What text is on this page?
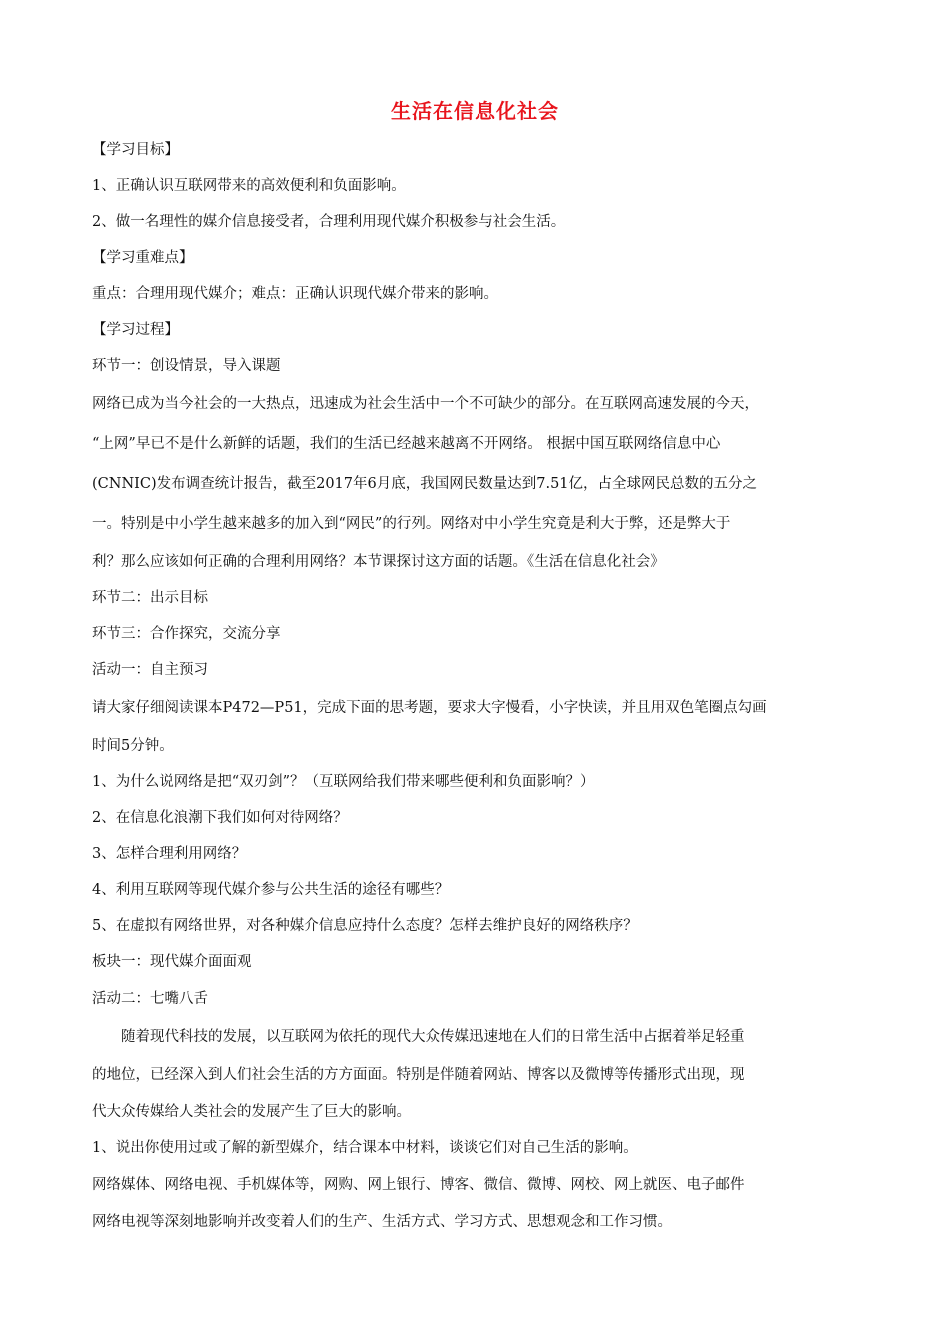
生活在信息化社会

【学习目标】

1、正确认识互联网带来的高效便利和负面影响。

2、做一名理性的媒介信息接受者，合理利用现代媒介积极参与社会生活。

【学习重难点】

重点：合理用现代媒介；难点：正确认识现代媒介带来的影响。

【学习过程】

环节一：创设情景，导入课题

网络已成为当今社会的一大热点，迅速成为社会生活中一个不可缺少的部分。在互联网高速发展的今天，

“上网”早已不是什么新鲜的话题，我们的生活已经越来越离不开网络。 根据中国互联网络信息中心

(CNNIC)发布调查统计报告，截至2017年6月底，我国网民数量达到7.51亿，占全球网民总数的五分之

一。特别是中小学生越来越多的加入到“网民”的行列。网络对中小学生究竟是利大于弊，还是弊大于

利？那么应该如何正确的合理利用网络？本节课探讨这方面的话题。《生活在信息化社会》

环节二：出示目标

环节三：合作探究，交流分享

活动一：自主预习

请大家仔细阅读课本P472—P51，完成下面的思考题，要求大字慢看，小字快读，并且用双色笔圈点勾画

时间5分钟。

1、为什么说网络是把“双刃剑”？（互联网给我们带来哪些便利和负面影响？）

2、在信息化浪潮下我们如何对待网络？

3、怎样合理利用网络？

4、利用互联网等现代媒介参与公共生活的途径有哪些？

5、在虚拟有网络世界，对各种媒介信息应持什么态度？怎样去维护良好的网络秩序？

板块一：现代媒介面面观

活动二：七嘴八舌

随着现代科技的发展，以互联网为依托的现代大众传媒迅速地在人们的日常生活中占据着举足轻重

的地位，已经深入到人们社会生活的方方面面。特别是伴随着网站、博客以及微博等传播形式出现，现

代大众传媒给人类社会的发展产生了巨大的影响。

1、说出你使用过或了解的新型媒介，结合课本中材料，谈谈它们对自己生活的影响。

网络媒体、网络电视、手机媒体等，网购、网上银行、博客、微信、微博、网校、网上就医、电子邮件

网络电视等深刻地影响并改变着人们的生产、生活方式、学习方式、思想观念和工作习惯。
